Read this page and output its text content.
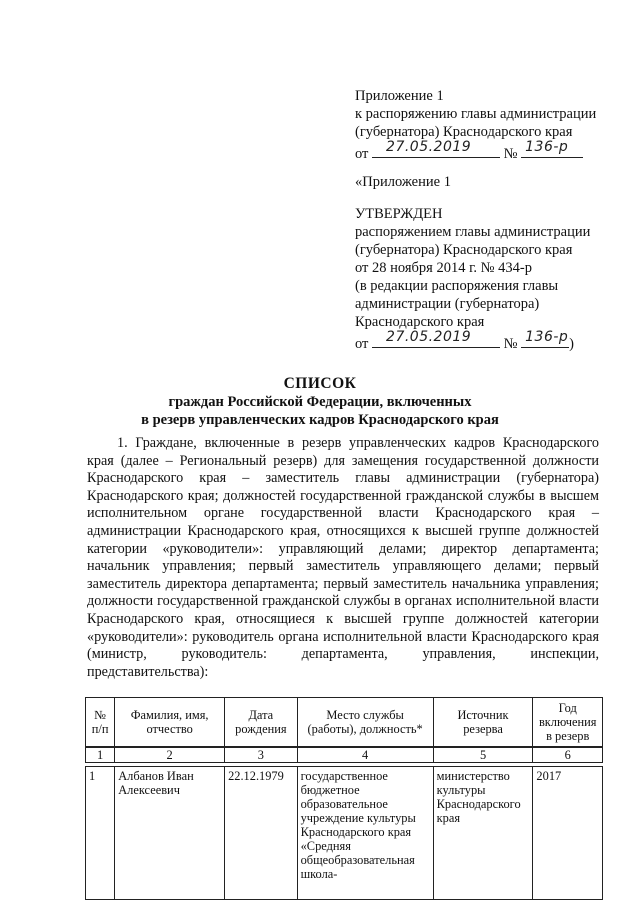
Приложение 1
к распоряжению главы администрации
(губернатора) Краснодарского края
от 27.05.2019 № 136-р
«Приложение 1
УТВЕРЖДЕН
распоряжением главы администрации
(губернатора) Краснодарского края
от 28 ноября 2014 г. № 434-р
(в редакции распоряжения главы
администрации (губернатора)
Краснодарского края
от 27.05.2019 № 136-р )
СПИСОК
граждан Российской Федерации, включенных
в резерв управленческих кадров Краснодарского края

1. Граждане, включенные в резерв управленческих кадров Краснодарского края (далее – Региональный резерв) для замещения государственной должности Краснодарского края – заместитель главы администрации (губернатора) Краснодарского края; должностей государственной гражданской службы в высшем исполнительном органе государственной власти Краснодарского края – администрации Краснодарского края, относящихся к высшей группе должностей категории «руководители»: управляющий делами; директор департамента; начальник управления; первый заместитель управляющего делами; первый заместитель директора департамента; первый заместитель начальника управления; должности государственной гражданской службы в органах исполнительной власти Краснодарского края, относящиеся к высшей группе должностей категории «руководители»: руководитель органа исполнительной власти Краснодарского края (министр, руководитель: департамента, управления, инспекции, представительства):

№ п/п	Фамилия, имя, отчество	Дата рождения	Место службы (работы), должность*	Источник резерва	Год включения в резерв
1	2	3	4	5	6
1	Албанов Иван Алексеевич	22.12.1979	государственное бюджетное образовательное учреждение культуры Краснодарского края «Средняя общеобразовательная школа-	министерство культуры Краснодарского края	2017
